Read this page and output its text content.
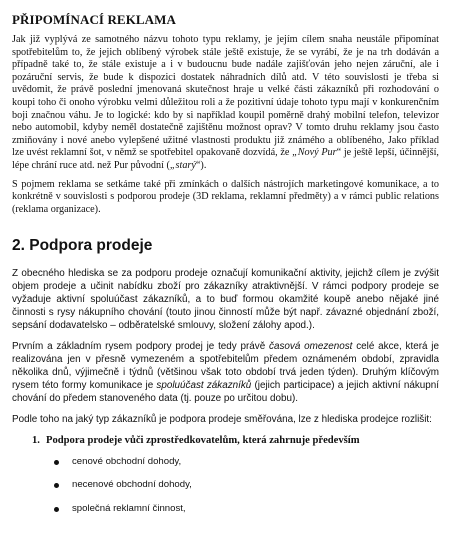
PŘIPOMÍNACÍ REKLAMA

Jak již vyplývá ze samotného názvu tohoto typu reklamy, je jejím cílem snaha neustále připomínat spotřebitelům to, že jejich oblíbený výrobek stále ještě existuje, že se vyrábí, že je na trh dodáván a případně také to, že stále existuje a i v budoucnu bude nadále zajišťován jeho nejen záruční, ale i pozáruční servis, že bude k dispozici dostatek náhradních dílů atd. V této souvislosti je třeba si uvědomit, že právě poslední jmenovaná skutečnost hraje u velké části zákazníků při rozhodování o koupi toho či onoho výrobku velmi důležitou roli a že pozitivní údaje tohoto typu mají v konkurenčním boji značnou váhu. Je to logické: kdo by si například koupil poměrně drahý mobilní telefon, televizor nebo automobil, kdyby neměl dostatečně zajištěnu možnost oprav? V tomto druhu reklamy jsou často zmiňovány i nové anebo vylepšené užitné vlastnosti produktu již známého a oblíbeného, Jako příklad lze uvést reklamní šot, v němž se spotřebitel opakovaně dozvídá, že „Nový Pur“ je ještě lepší, účinnější, lépe chrání ruce atd. než Pur původní („starý“).

S pojmem reklama se setkáme také při zmínkách o dalších nástrojích marketingové komunikace, a to konkrétně v souvislosti s podporou prodeje (3D reklama, reklamní předměty) a v rámci public relations (reklama organizace).

2. Podpora prodeje

Z obecného hlediska se za podporu prodeje označují komunikační aktivity, jejichž cílem je zvýšit objem prodeje a učinit nabídku zboží pro zákazníky atraktivnější. V rámci podpory prodeje se vyžaduje aktivní spoluúčast zákazníků, a to buď formou okamžité koupě anebo nějaké jiné činnosti s rysy nákupního chování (touto jinou činností může být např. závazné objednání zboží, sepsání dodavatelsko – odběratelské smlouvy, složení zálohy apod.).

Prvním a základním rysem podpory prodej je tedy právě časová omezenost celé akce, která je realizována jen v přesně vymezeném a spotřebitelům předem oznámeném období, zpravidla několika dnů, výjimečně i týdnů (většinou však toto období trvá jeden týden). Druhým klíčovým rysem této formy komunikace je spoluúčast zákazníků (jejich participace) a jejich aktivní nákupní chování do předem stanoveného data (tj. pouze po určitou dobu).

Podle toho na jaký typ zákazníků je podpora prodeje směřována, lze z hlediska prodejce rozlišit:

1. Podpora prodeje vůči zprostředkovatelům, která zahrnuje především
cenové obchodní dohody,
necenové obchodní dohody,
společná reklamní činnost,
